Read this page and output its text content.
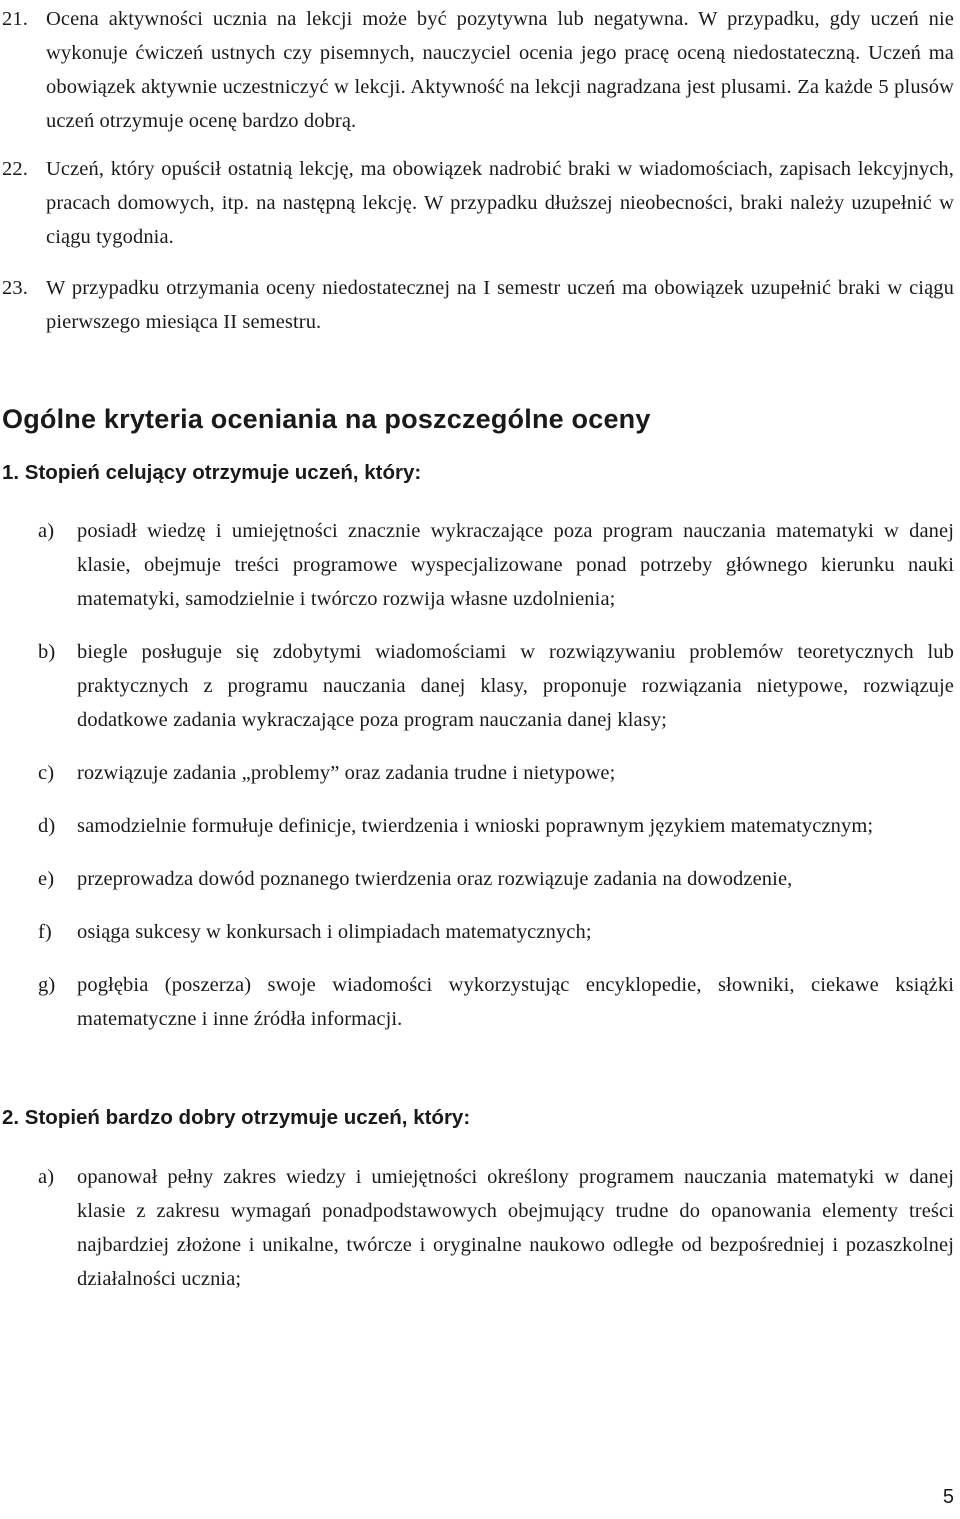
21. Ocena aktywności ucznia na lekcji może być pozytywna lub negatywna. W przypadku, gdy uczeń nie wykonuje ćwiczeń ustnych czy pisemnych, nauczyciel ocenia jego pracę oceną niedostateczną. Uczeń ma obowiązek aktywnie uczestniczyć w lekcji. Aktywność na lekcji nagradzana jest plusami. Za każde 5 plusów uczeń otrzymuje ocenę bardzo dobrą.
22. Uczeń, który opuścił ostatnią lekcję, ma obowiązek nadrobić braki w wiadomościach, zapisach lekcyjnych, pracach domowych, itp. na następną lekcję. W przypadku dłuższej nieobecności, braki należy uzupełnić w ciągu tygodnia.
23. W przypadku otrzymania oceny niedostatecznej na I semestr uczeń ma obowiązek uzupełnić braki w ciągu pierwszego miesiąca II semestru.
Ogólne kryteria oceniania na poszczególne oceny
1. Stopień celujący otrzymuje uczeń, który:
a) posiadł wiedzę i umiejętności znacznie wykraczające poza program nauczania matematyki w danej klasie, obejmuje treści programowe wyspecjalizowane ponad potrzeby głównego kierunku nauki matematyki, samodzielnie i twórczo rozwija własne uzdolnienia;
b) biegle posługuje się zdobytymi wiadomościami w rozwiązywaniu problemów teoretycznych lub praktycznych z programu nauczania danej klasy, proponuje rozwiązania nietypowe, rozwiązuje dodatkowe zadania wykraczające poza program nauczania danej klasy;
c) rozwiązuje zadania „problemy” oraz zadania trudne i nietypowe;
d) samodzielnie formułuje definicje, twierdzenia i wnioski poprawnym językiem matematycznym;
e) przeprowadza dowód poznanego twierdzenia oraz rozwiązuje zadania na dowodzenie,
f) osiąga sukcesy w konkursach i olimpiadach matematycznych;
g) pogłębia (poszerza) swoje wiadomości wykorzystując encyklopedie, słowniki, ciekawe książki matematyczne i inne źródła informacji.
2. Stopień bardzo dobry otrzymuje uczeń, który:
a) opanował pełny zakres wiedzy i umiejętności określony programem nauczania matematyki w danej klasie z zakresu wymagań ponadpodstawowych obejmujący trudne do opanowania elementy treści najbardziej złożone i unikalne, twórcze i oryginalne naukowo odległe od bezpośredniej i pozaszkolnej działalności ucznia;
5
